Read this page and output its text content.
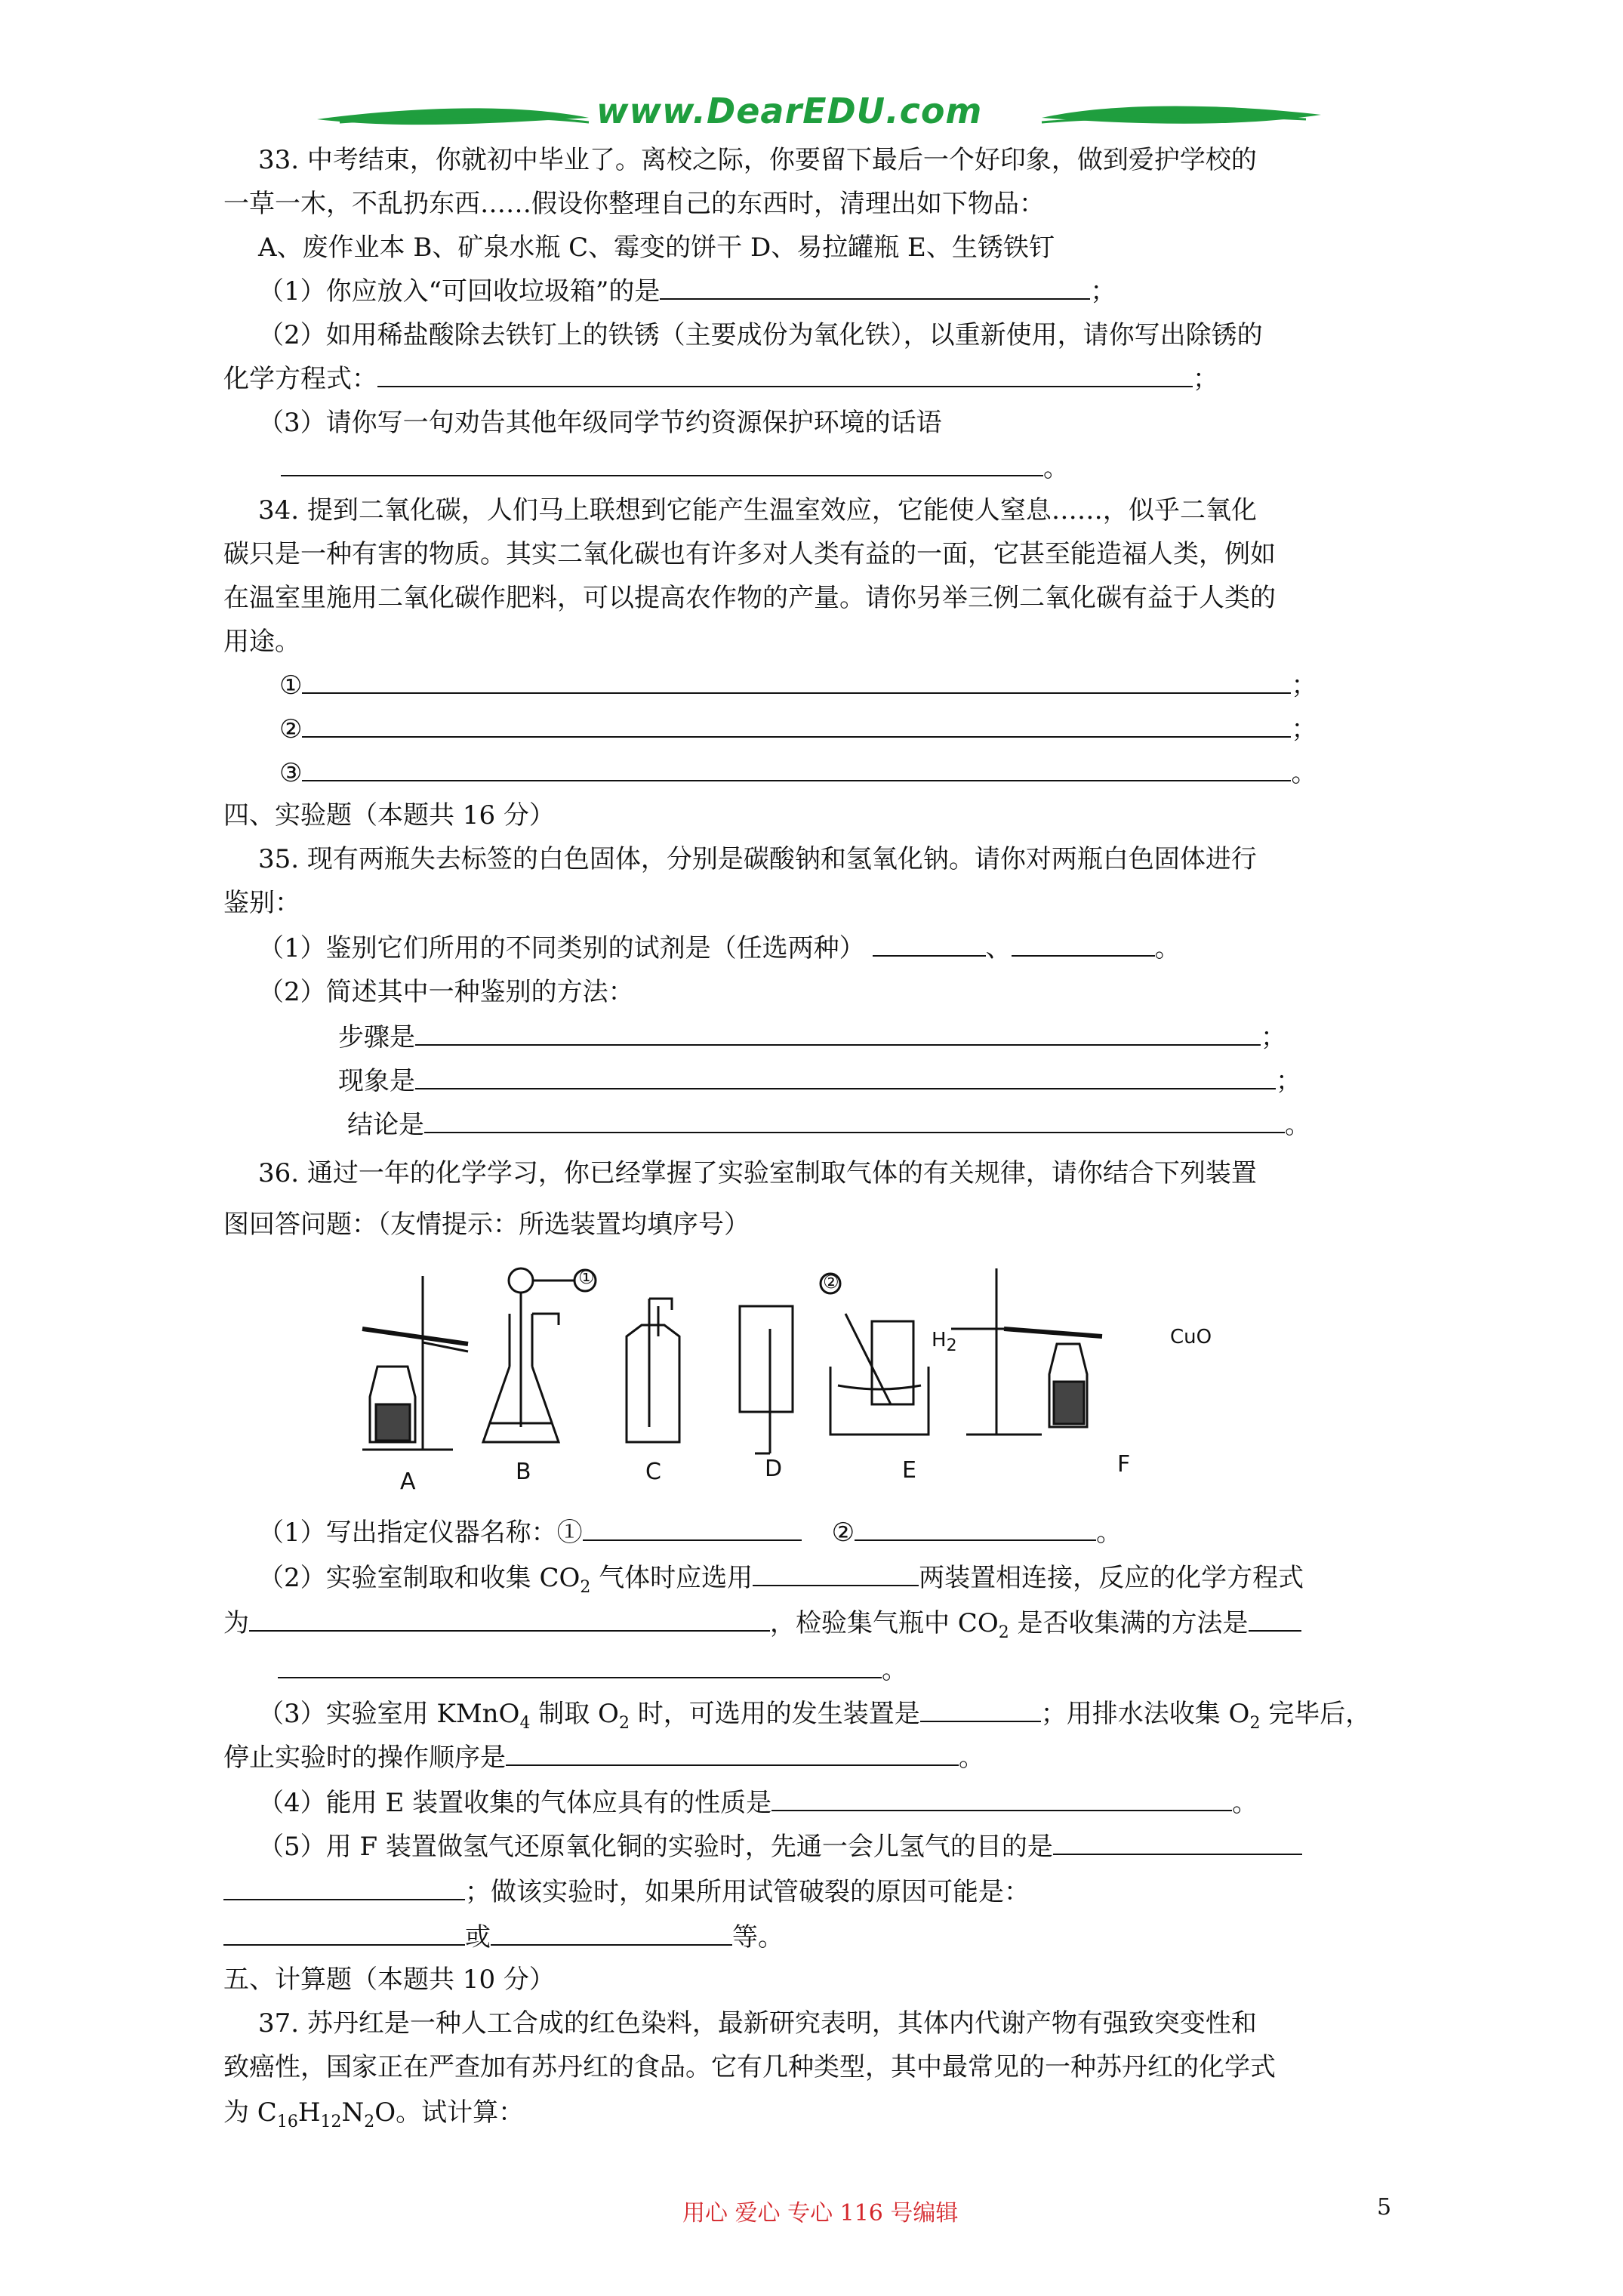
www.DearEDU.com
33. 中考结束，你就初中毕业了。离校之际，你要留下最后一个好印象，做到爱护学校的
一草一木，不乱扔东西……假设你整理自己的东西时，清理出如下物品：
A、废作业本 B、矿泉水瓶 C、霉变的饼干 D、易拉罐瓶 E、生锈铁钉
（1）你应放入“可回收垃圾箱”的是	；
（2）如用稀盐酸除去铁钉上的铁锈（主要成份为氧化铁），以重新使用，请你写出除锈的
化学方程式：	；
（3）请你写一句劝告其他年级同学节约资源保护环境的话语
。
34. 提到二氧化碳，人们马上联想到它能产生温室效应，它能使人窒息……，似乎二氧化
碳只是一种有害的物质。其实二氧化碳也有许多对人类有益的一面，它甚至能造福人类，例如
在温室里施用二氧化碳作肥料，可以提高农作物的产量。请你另举三例二氧化碳有益于人类的
用途。
①	；
②	；
③	。
四、实验题（本题共 16 分）
35. 现有两瓶失去标签的白色固体，分别是碳酸钠和氢氧化钠。请你对两瓶白色固体进行
鉴别：
（1）鉴别它们所用的不同类别的试剂是（任选两种）	、	。
（2）简述其中一种鉴别的方法：
步骤是	；
现象是	；
结论是	。
36. 通过一年的化学学习，你已经掌握了实验室制取气体的有关规律，请你结合下列装置
图回答问题：（友情提示：所选装置均填序号）
A	B	C	D	E	F
①	②
$H_2$	CuO
（1）写出指定仪器名称：①	②	。
（2）实验室制取和收集 $CO_2$ 气体时应选用	两装置相连接，反应的化学方程式
为	，检验集气瓶中 $CO_2$ 是否收集满的方法是
。
（3）实验室用 KMnO$_4$ 制取 $O_2$ 时，可选用的发生装置是	；用排水法收集 $O_2$ 完毕后，
停止实验时的操作顺序是	。
（4）能用 E 装置收集的气体应具有的性质是	。
（5）用 F 装置做氢气还原氧化铜的实验时，先通一会儿氢气的目的是
；做该实验时，如果所用试管破裂的原因可能是：
或	等。
五、计算题（本题共 10 分）
37. 苏丹红是一种人工合成的红色染料，最新研究表明，其体内代谢产物有强致突变性和
致癌性，国家正在严查加有苏丹红的食品。它有几种类型，其中最常见的一种苏丹红的化学式
为 $C_{16}H_{12}N_2O$。试计算：
用心 爱心 专心 116 号编辑	5
